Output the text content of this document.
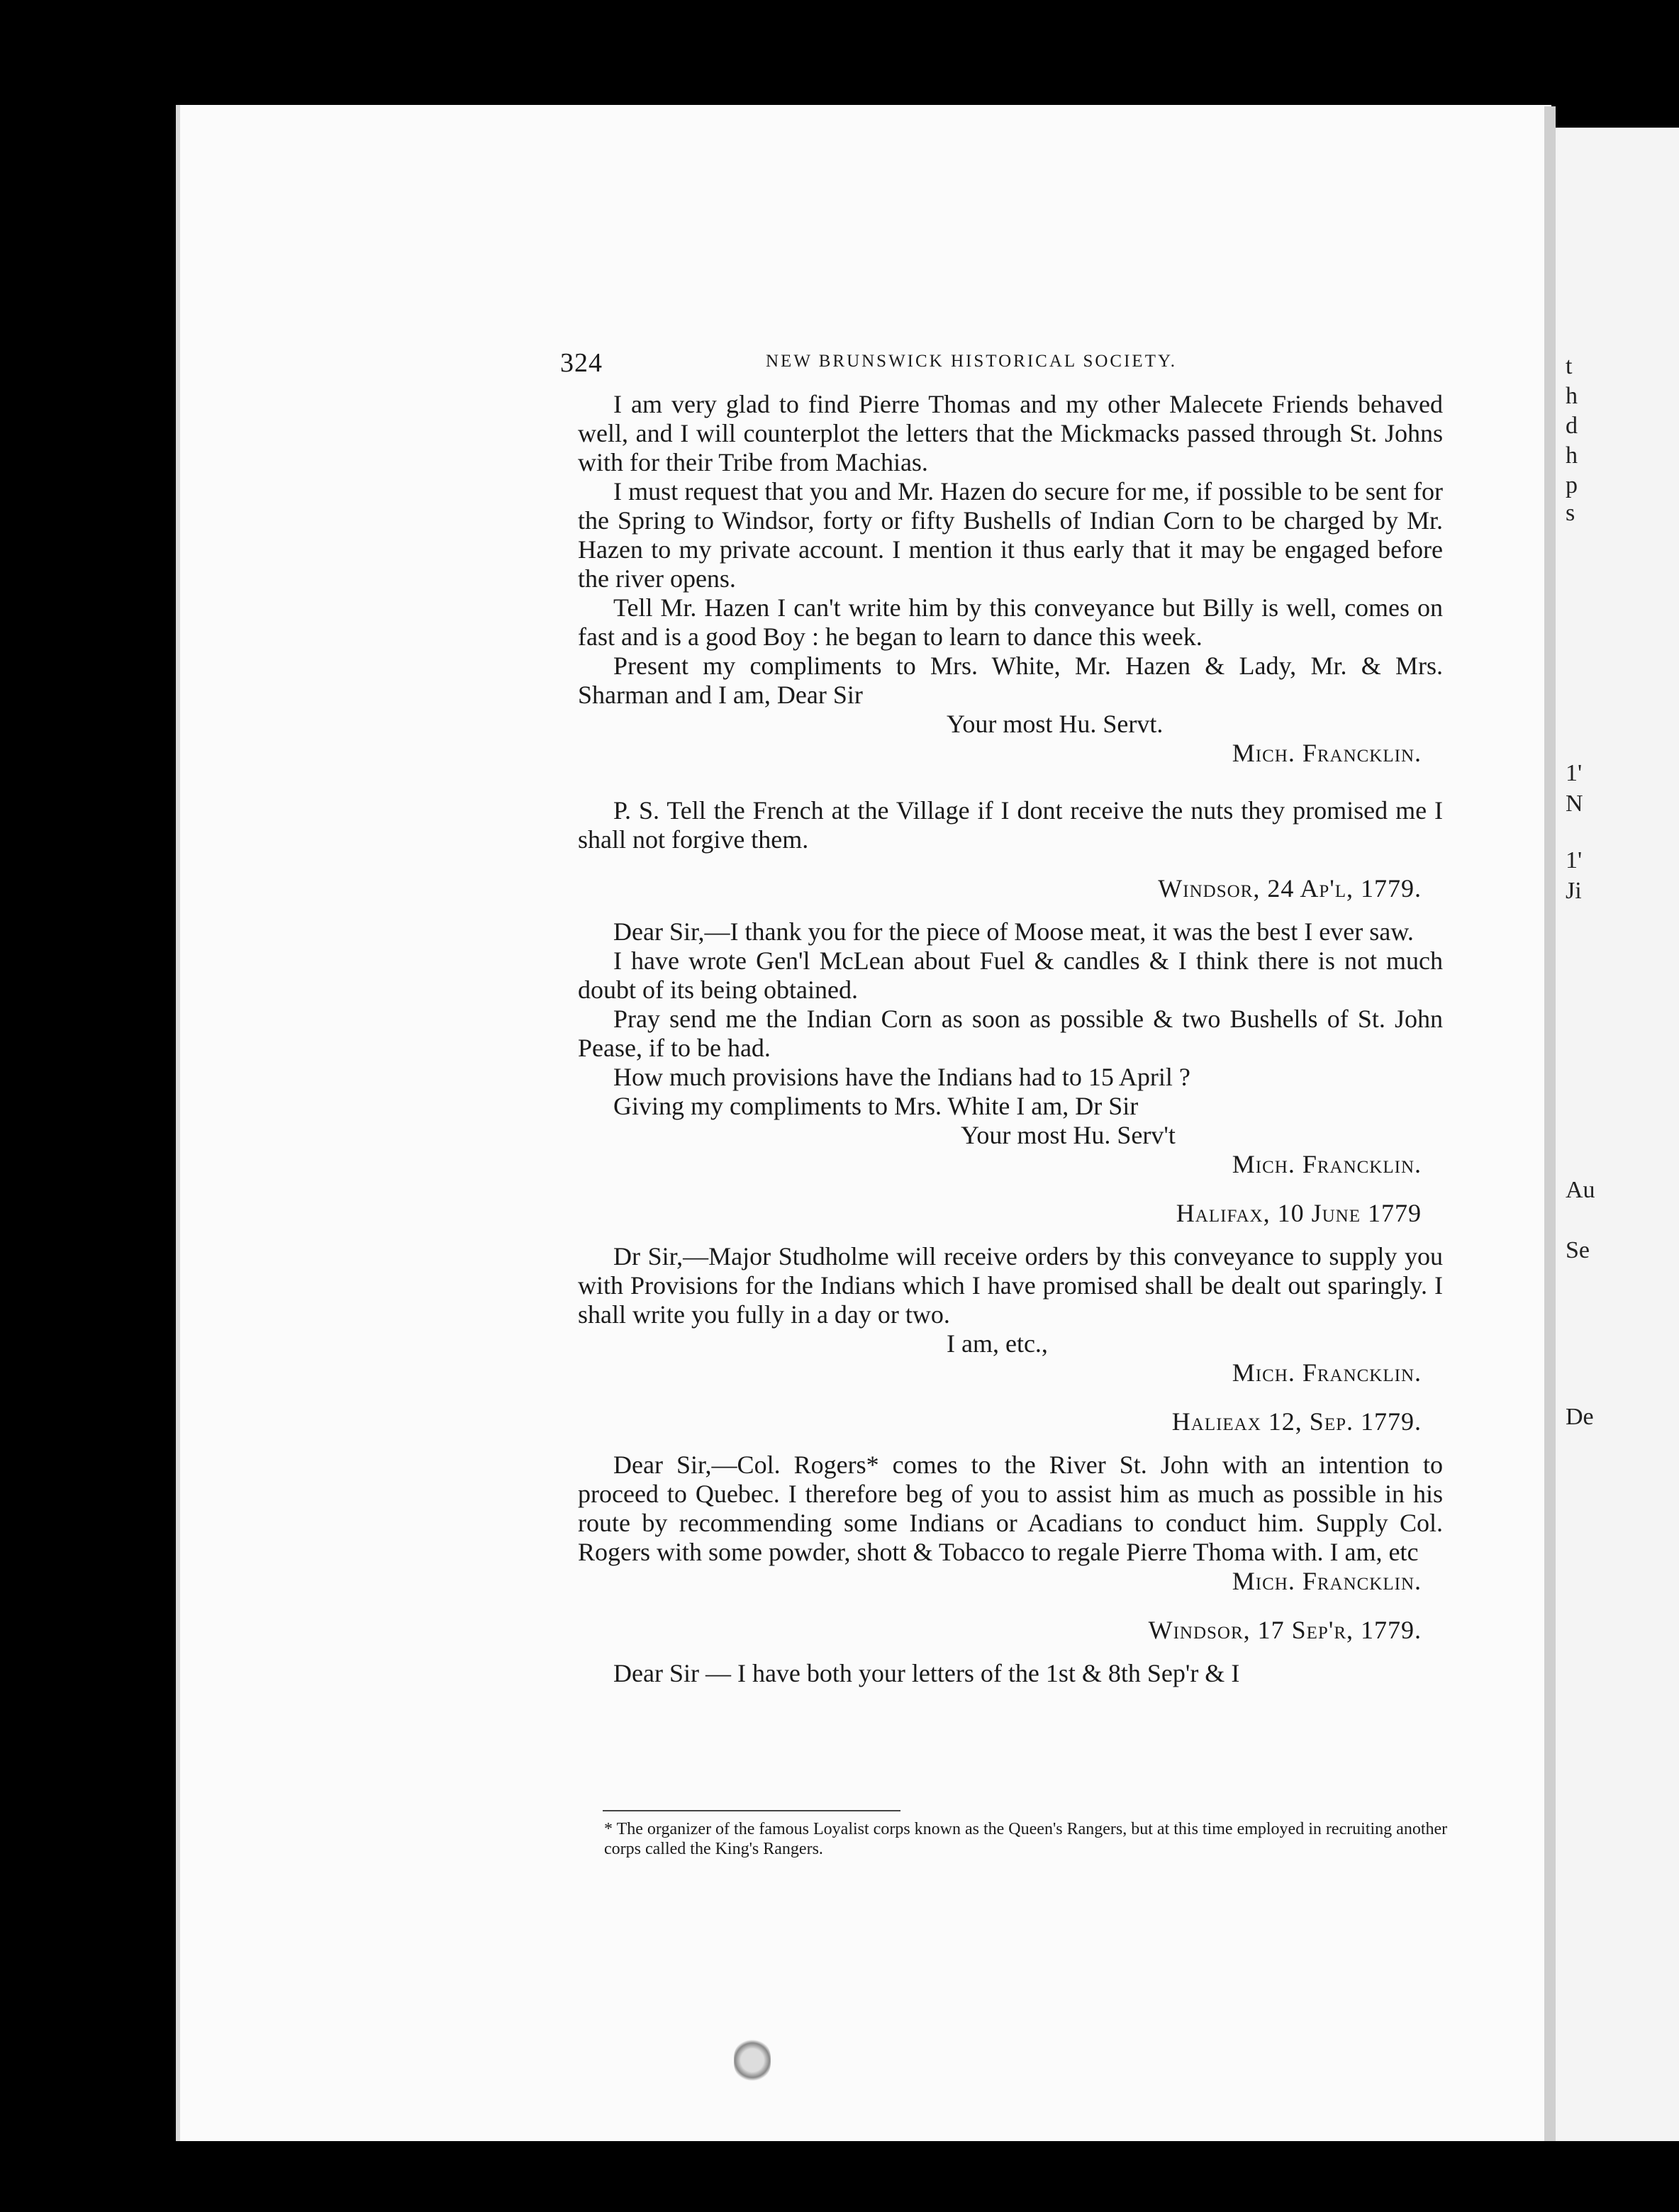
t
h
d
h
p
s
1'
N
1'
Ji
Au
Se
De
324	NEW BRUNSWICK HISTORICAL SOCIETY.

I am very glad to find Pierre Thomas and my other Malecete Friends behaved well, and I will counterplot the letters that the Mickmacks passed through St. Johns with for their Tribe from Machias.

I must request that you and Mr. Hazen do secure for me, if possible to be sent for the Spring to Windsor, forty or fifty Bushells of Indian Corn to be charged by Mr. Hazen to my private account. I mention it thus early that it may be engaged before the river opens.

Tell Mr. Hazen I can't write him by this conveyance but Billy is well, comes on fast and is a good Boy : he began to learn to dance this week.

Present my compliments to Mrs. White, Mr. Hazen & Lady, Mr. & Mrs. Sharman and I am, Dear Sir

Your most Hu. Servt.

Mich. Francklin.

P. S. Tell the French at the Village if I dont receive the nuts they promised me I shall not forgive them.

Windsor, 24 Ap'l, 1779.

Dear Sir,—I thank you for the piece of Moose meat, it was the best I ever saw.

I have wrote Gen'l McLean about Fuel & candles & I think there is not much doubt of its being obtained.

Pray send me the Indian Corn as soon as possible & two Bushells of St. John Pease, if to be had.

How much provisions have the Indians had to 15 April ?

Giving my compliments to Mrs. White I am, Dr Sir

Your most Hu. Serv't

Mich. Francklin.

Halifax, 10 June 1779

Dr Sir,—Major Studholme will receive orders by this conveyance to supply you with Provisions for the Indians which I have promised shall be dealt out sparingly. I shall write you fully in a day or two.

I am, etc.,

Mich. Francklin.

Halieax 12, Sep. 1779.

Dear Sir,—Col. Rogers* comes to the River St. John with an intention to proceed to Quebec. I therefore beg of you to assist him as much as possible in his route by recommending some Indians or Acadians to conduct him. Supply Col. Rogers with some powder, shott & Tobacco to regale Pierre Thoma with. I am, etc

Mich. Francklin.

Windsor, 17 Sep'r, 1779.

Dear Sir — I have both your letters of the 1st & 8th Sep'r & I

* The organizer of the famous Loyalist corps known as the Queen's Rangers, but at this time employed in recruiting another corps called the King's Rangers.
